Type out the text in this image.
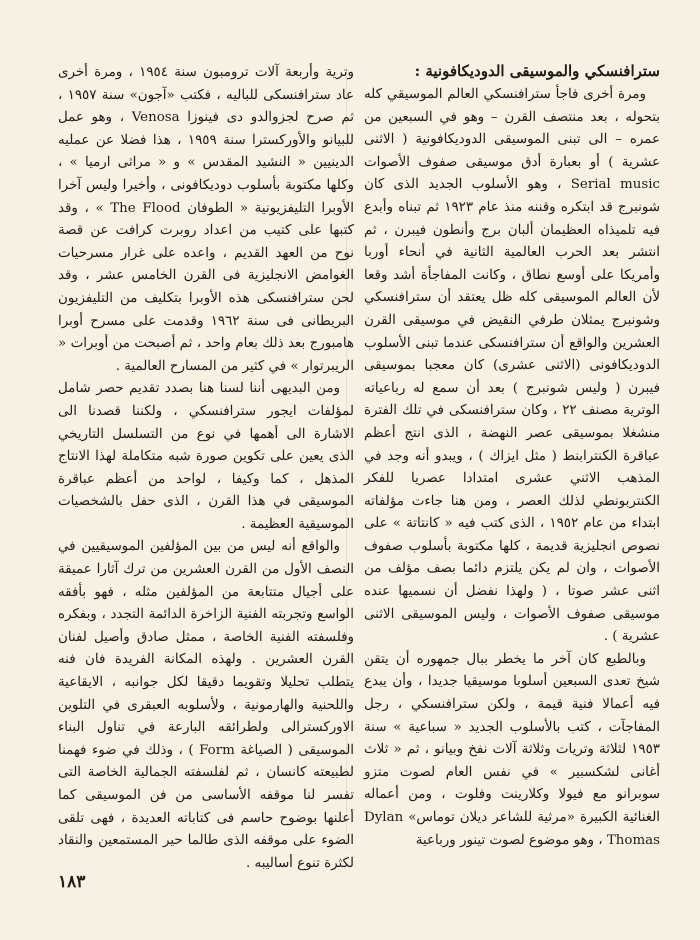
سترافنسكي والموسيقى الدوديكافونية :

ومرة أخرى فاجأ سترافنسكي العالم الموسيقي كله بتحوله ، بعد منتصف القرن – وهو في السبعين من عمره – الى تبنى الموسيقى الدوديكافونية ( الاثنى عشرية ) أو بعبارة أدق موسيقى صفوف الأصوات Serial music ، وهو الأسلوب الجديد الذى كان شونبرج قد ابتكره وقننه منذ عام ١٩٢٣ ثم تبناه وأبدع فيه تلميذاه العظيمان ألبان برج وأنطون فيبرن ، ثم انتشر بعد الحرب العالمية الثانية في أنحاء أوربا وأمريكا على أوسع نطاق ، وكانت المفاجأة أشد وقعا لأن العالم الموسيقى كله ظل يعتقد أن سترافنسكي وشونبرج يمثلان طرفي النقيض في موسيقى القرن العشرين والواقع أن سترافنسكى عندما تبنى الأسلوب الدوديكافونى (الاثنى عشرى) كان معجبا بموسيقى فيبرن ( وليس شونبرج ) بعد أن سمع له رباعياته الوترية مصنف ٢٢ ، وكان سترافنسكى في تلك الفترة منشغلا بموسيقى عصر النهضة ، الذى انتج أعظم عباقرة الكنترابنط ( مثل ايزاك ) ، ويبدو أنه وجد في المذهب الاثني عشرى امتدادا عصريا للفكر الكنتربونطي لذلك العصر ، ومن هنا جاءت مؤلفاته ابتداء من عام ١٩٥٢ ، الذى كتب فيه « كانتاتة » على نصوص انجليزية قديمة ، كلها مكتوبة بأسلوب صفوف الأصوات ، وان لم يكن يلتزم دائما بصف مؤلف من اثنى عشر صوتا ، ( ولهذا نفضل أن نسميها عنده موسيقى صفوف الأصوات ، وليس الموسيقى الاثنى عشرية ) .

وبالطبع كان آخر ما يخطر ببال جمهوره أن يتقن شيخ تعدى السبعين أسلوبا موسيقيا جديدا ، وأن يبدع فيه أعمالا فنية قيمة ، ولكن سترافنسكي ، رجل المفاجآت ، كتب بالأسلوب الجديد « سباعية » سنة ١٩٥٣ لثلاثة وتريات وثلاثة آلات نفخ وبيانو ، ثم « ثلاث أغانى لشكسبير » في نفس العام لصوت متزو سوبرانو مع فيولا وكلارينت وفلوت ، ومن أعماله الغنائية الكبيرة «مرثية للشاعر ديلان توماس» Dylan Thomas ، وهو موضوع لصوت تينور ورباعية

وترية وأربعة آلات ترومبون سنة ١٩٥٤ ، ومرة أخرى عاد سترافنسكى للباليه ، فكتب «آجون» سنة ١٩٥٧ ، ثم صرح لجزوالدو دى فينوزا Venosa ، وهو عمل للبيانو والأوركسترا سنة ١٩٥٩ ، هذا فضلا عن عمليه الدينيين « النشيد المقدس » و « مراثى ارميا » ، وكلها مكتوبة بأسلوب دوديكافونى ، وأخيرا وليس آخرا الأوبرا التليفزيونية « الطوفان The Flood » ، وقد كتبها على كتيب من اعداد روبرت كرافت عن قصة نوح من العهد القديم ، واعده على غرار مسرحيات الغوامض الانجليزية فى القرن الخامس عشر ، وقد لحن سترافنسكى هذه الأوبرا بتكليف من التليفزيون البريطانى فى سنة ١٩٦٢ وقدمت على مسرح أوبرا هامبورج بعد ذلك بعام واحد ، ثم أصبحت من أوبرات « الريبرتوار » في كثير من المسارح العالمية .

ومن البديهى أننا لسنا هنا بصدد تقديم حصر شامل لمؤلفات ايجور سترافنسكي ، ولكننا قصدنا الى الاشارة الى أهمها في نوع من التسلسل التاريخي الذى يعين على تكوين صورة شبه متكاملة لهذا الانتاج المذهل ، كما وكيفا ، لواحد من أعظم عباقرة الموسيقى في هذا القرن ، الذى حفل بالشخصيات الموسيقية العظيمة .

والواقع أنه ليس من بين المؤلفين الموسيقيين في النصف الأول من القرن العشرين من ترك آثارا عميقة على أجيال متتابعة من المؤلفين مثله ، فهو بأفقه الواسع وتجربته الفنية الزاخرة الدائمة التجدد ، وبفكره وفلسفته الفنية الخاصة ، ممثل صادق وأصيل لفنان القرن العشرين . ولهذه المكانة الفريدة فان فنه يتطلب تحليلا وتقويما دقيقا لكل جوانبه ، الايقاعية واللحنية والهارمونية ، ولأسلوبه العبقرى في التلوين الاوركسترالى ولطرائقه البارعة في تناول البناء الموسيقى ( الصياغة Form ) ، وذلك في ضوء فهمنا لطبيعته كانسان ، ثم لفلسفته الجمالية الخاصة التى تفسر لنا موقفه الأساسى من فن الموسيقى كما أعلنها بوضوح حاسم فى كتاباته العديدة ، فهى تلقى الضوء على موقفه الذى طالما حير المستمعين والنقاد لكثرة تنوع أساليبه .

١٨٣
